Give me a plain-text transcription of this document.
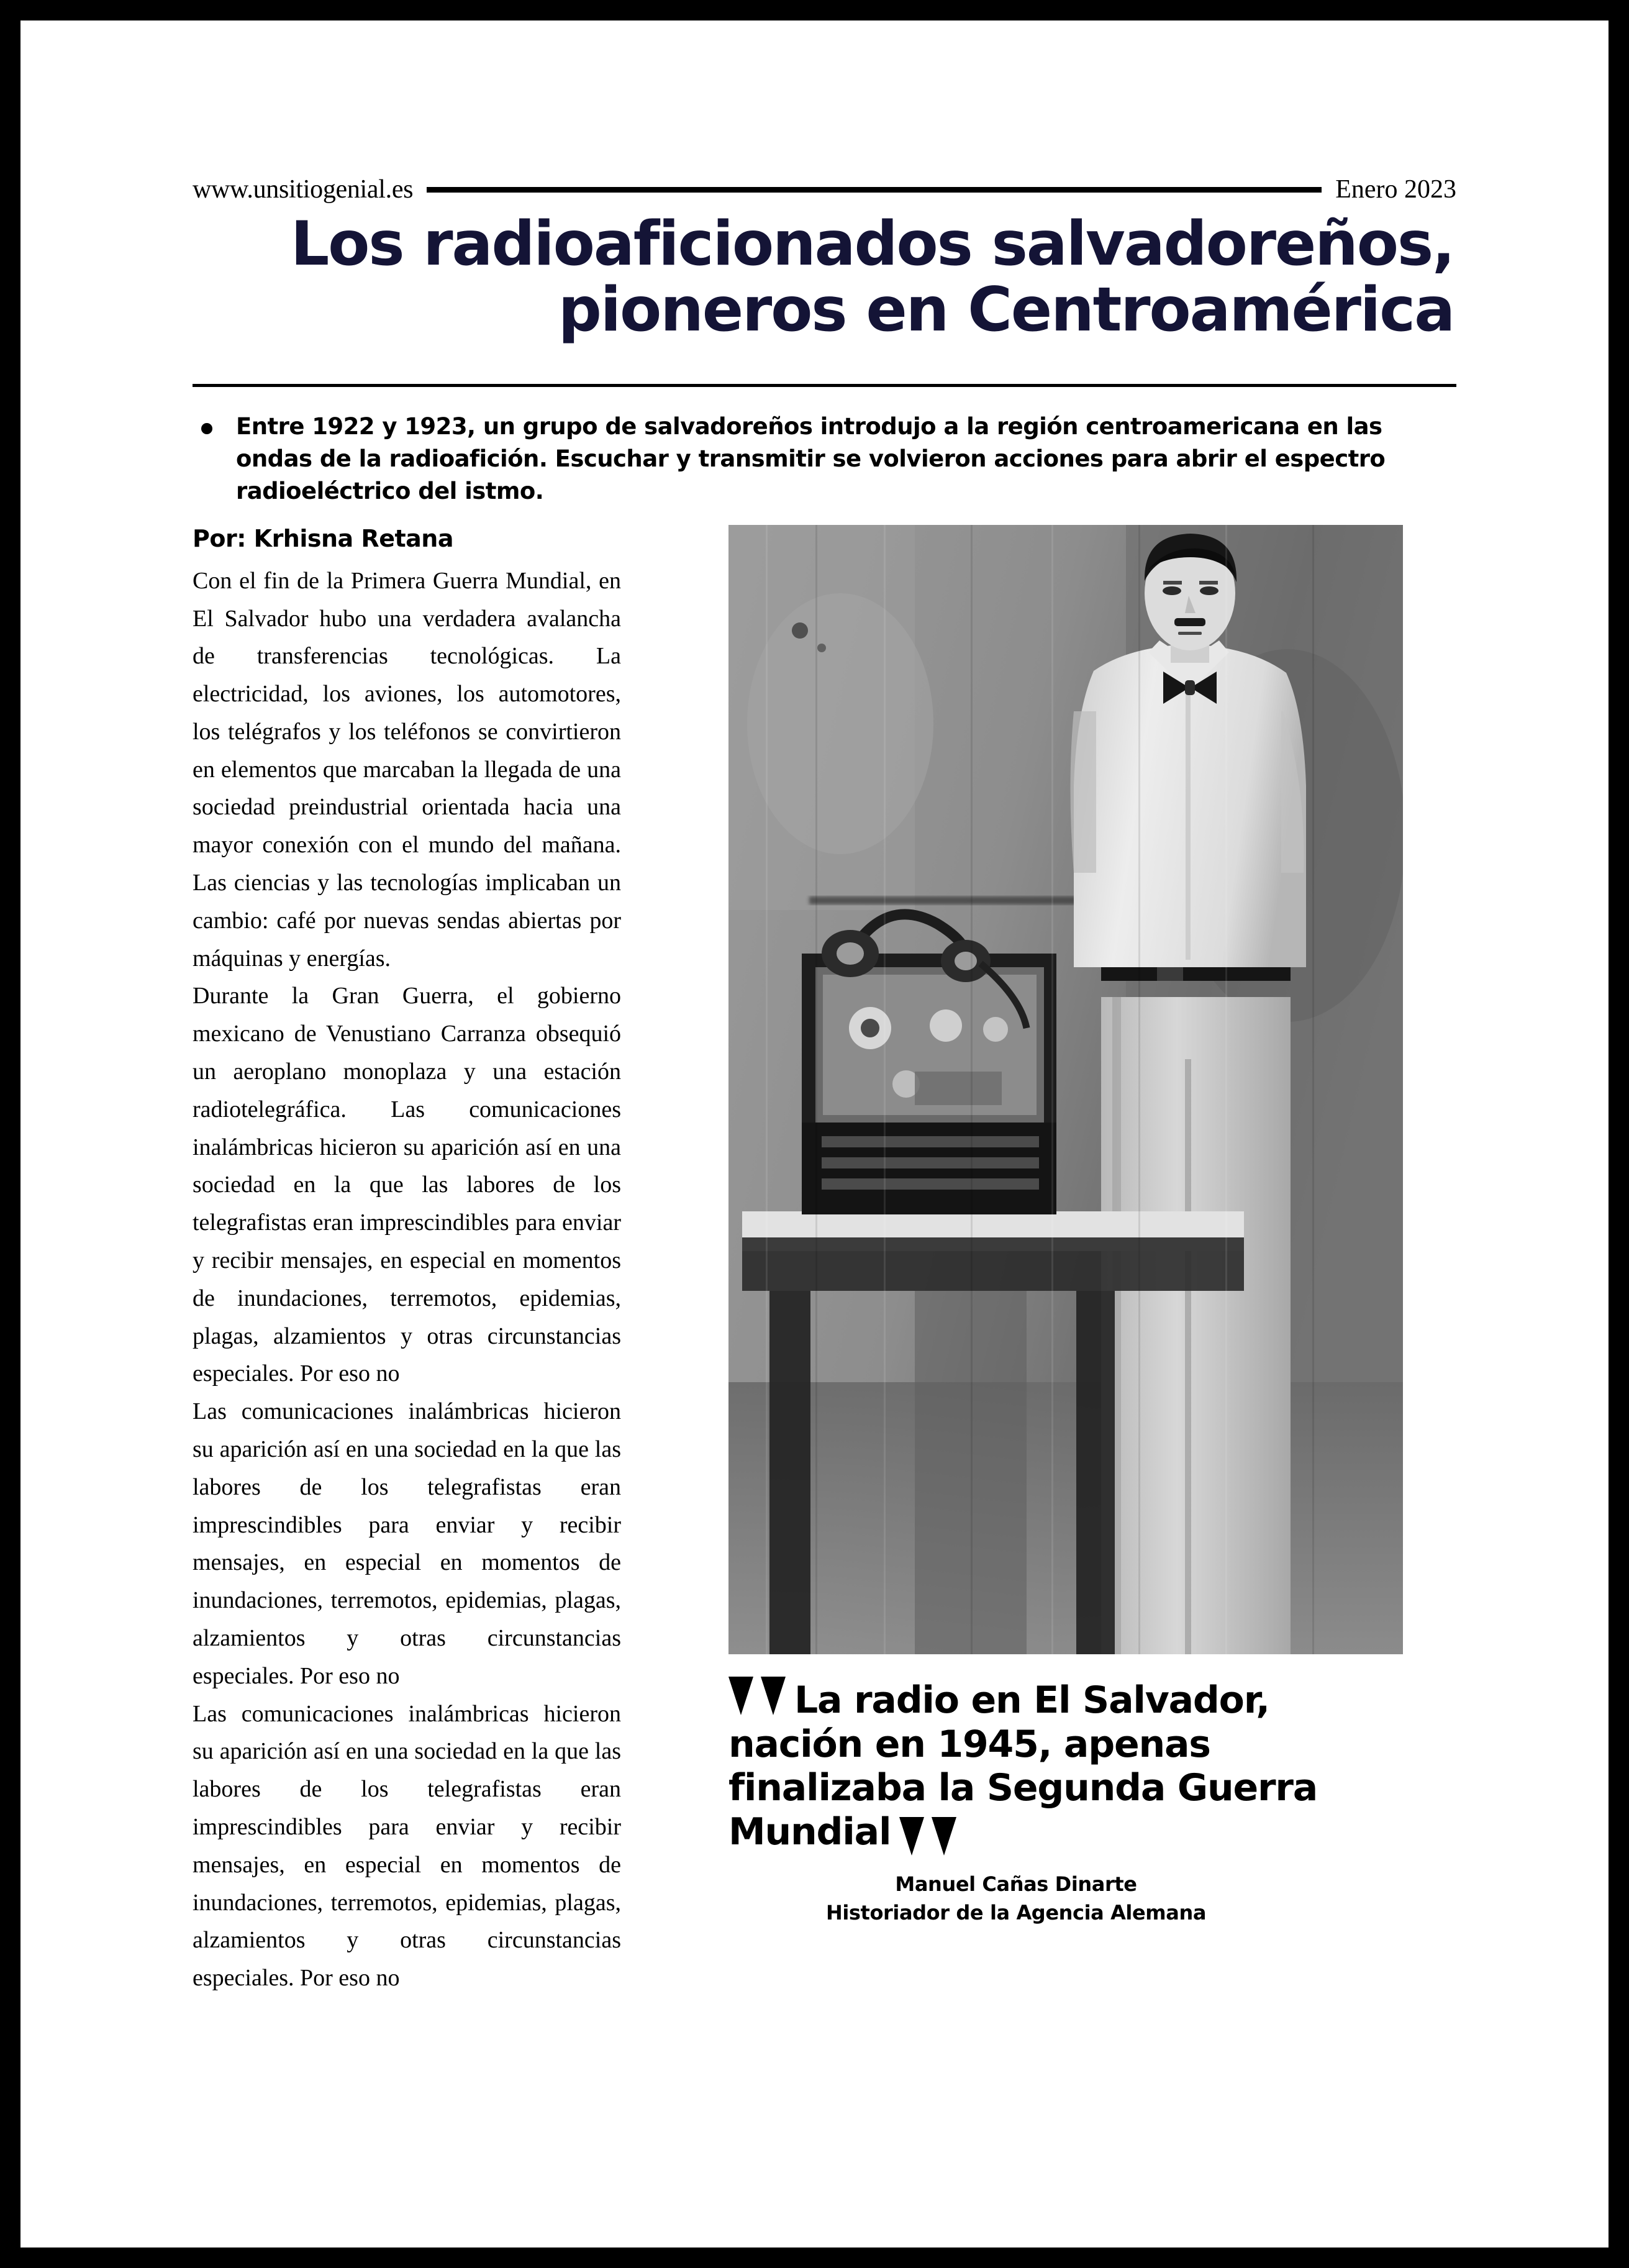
www.unsitiogenial.es	Enero 2023
Los radioaficionados salvadoreños,
pioneros en Centroamérica
Entre 1922 y 1923, un grupo de salvadoreños introdujo a la región centroamericana en las ondas de la radioafición. Escuchar y transmitir se volvieron acciones para abrir el espectro radioeléctrico del istmo.
Por: Krhisna Retana

Con el fin de la Primera Guerra Mundial, en El Salvador hubo una verdadera avalancha de transferencias tecnológicas. La electricidad, los aviones, los automotores, los telégrafos y los teléfonos se convirtieron en elementos que marcaban la llegada de una sociedad preindustrial orientada hacia una mayor conexión con el mundo del mañana. Las ciencias y las tecnologías implicaban un cambio: café por nuevas sendas abiertas por máquinas y energías.

Durante la Gran Guerra, el gobierno mexicano de Venustiano Carranza obsequió un aeroplano monoplaza y una estación radiotelegráfica. Las comunicaciones inalámbricas hicieron su aparición así en una sociedad en la que las labores de los telegrafistas eran imprescindibles para enviar y recibir mensajes, en especial en momentos de inundaciones, terremotos, epidemias, plagas, alzamientos y otras circunstancias especiales. Por eso no

Las comunicaciones inalámbricas hicieron su aparición así en una sociedad en la que las labores de los telegrafistas eran imprescindibles para enviar y recibir mensajes, en especial en momentos de inundaciones, terremotos, epidemias, plagas, alzamientos y otras circunstancias especiales. Por eso no

Las comunicaciones inalámbricas hicieron su aparición así en una sociedad en la que las labores de los telegrafistas eran imprescindibles para enviar y recibir mensajes, en especial en momentos de inundaciones, terremotos, epidemias, plagas, alzamientos y otras circunstancias especiales. Por eso no

La radio en El Salvador, nación en 1945, apenas finalizaba la Segunda Guerra Mundial
Manuel Cañas Dinarte
Historiador de la Agencia Alemana
